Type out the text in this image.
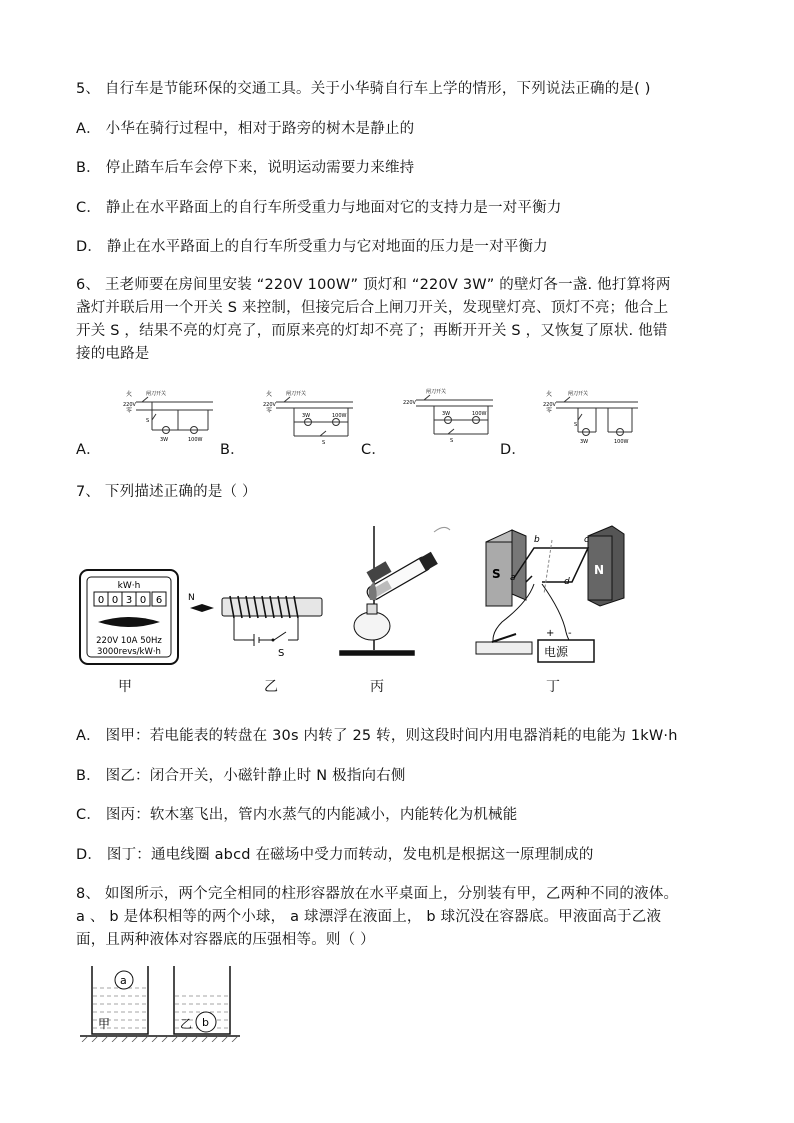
5、 自行车是节能环保的交通工具。关于小华骑自行车上学的情形，下列说法正确的是( )
A． 小华在骑行过程中，相对于路旁的树木是静止的
B． 停止踏车后车会停下来，说明运动需要力来维持
C． 静止在水平路面上的自行车所受重力与地面对它的支持力是一对平衡力
D． 静止在水平路面上的自行车所受重力与它对地面的压力是一对平衡力
6、 王老师要在房间里安装 “220V 100W” 顶灯和 “220V 3W” 的壁灯各一盏. 他打算将两
盏灯并联后用一个开关 S 来控制，但接完后合上闸刀开关，发现壁灯亮、顶灯不亮；他合上
开关 S ，结果不亮的灯亮了，而原来亮的灯却不亮了；再断开开关 S ，又恢复了原状. 他错
接的电路是
A．	B．	C．	D．
火
零
闸刀开关
220V
S
3W	100W
火
零
闸刀开关
220V
3W	100W
S
闸刀开关
220V
3W	100W
S
火
零
闸刀开关
220V
S
3W	100W
7、 下列描述正确的是（ ）
kW·h
0 0 3 0 6
220V 10A 50Hz
3000revs/kW·h
N
S
S	N
b	c
a	d
电源
+ -
甲	乙	丙	丁
A． 图甲：若电能表的转盘在 30s 内转了 25 转，则这段时间内用电器消耗的电能为 1kW·h
B． 图乙：闭合开关，小磁针静止时 N 极指向右侧
C． 图丙：软木塞飞出，管内水蒸气的内能减小，内能转化为机械能
D． 图丁：通电线圈 abcd 在磁场中受力而转动，发电机是根据这一原理制成的
8、 如图所示，两个完全相同的柱形容器放在水平桌面上，分别装有甲，乙两种不同的液体。
a 、 b 是体积相等的两个小球， a 球漂浮在液面上， b 球沉没在容器底。甲液面高于乙液
面，且两种液体对容器底的压强相等。则（ ）
a
甲	b
乙
